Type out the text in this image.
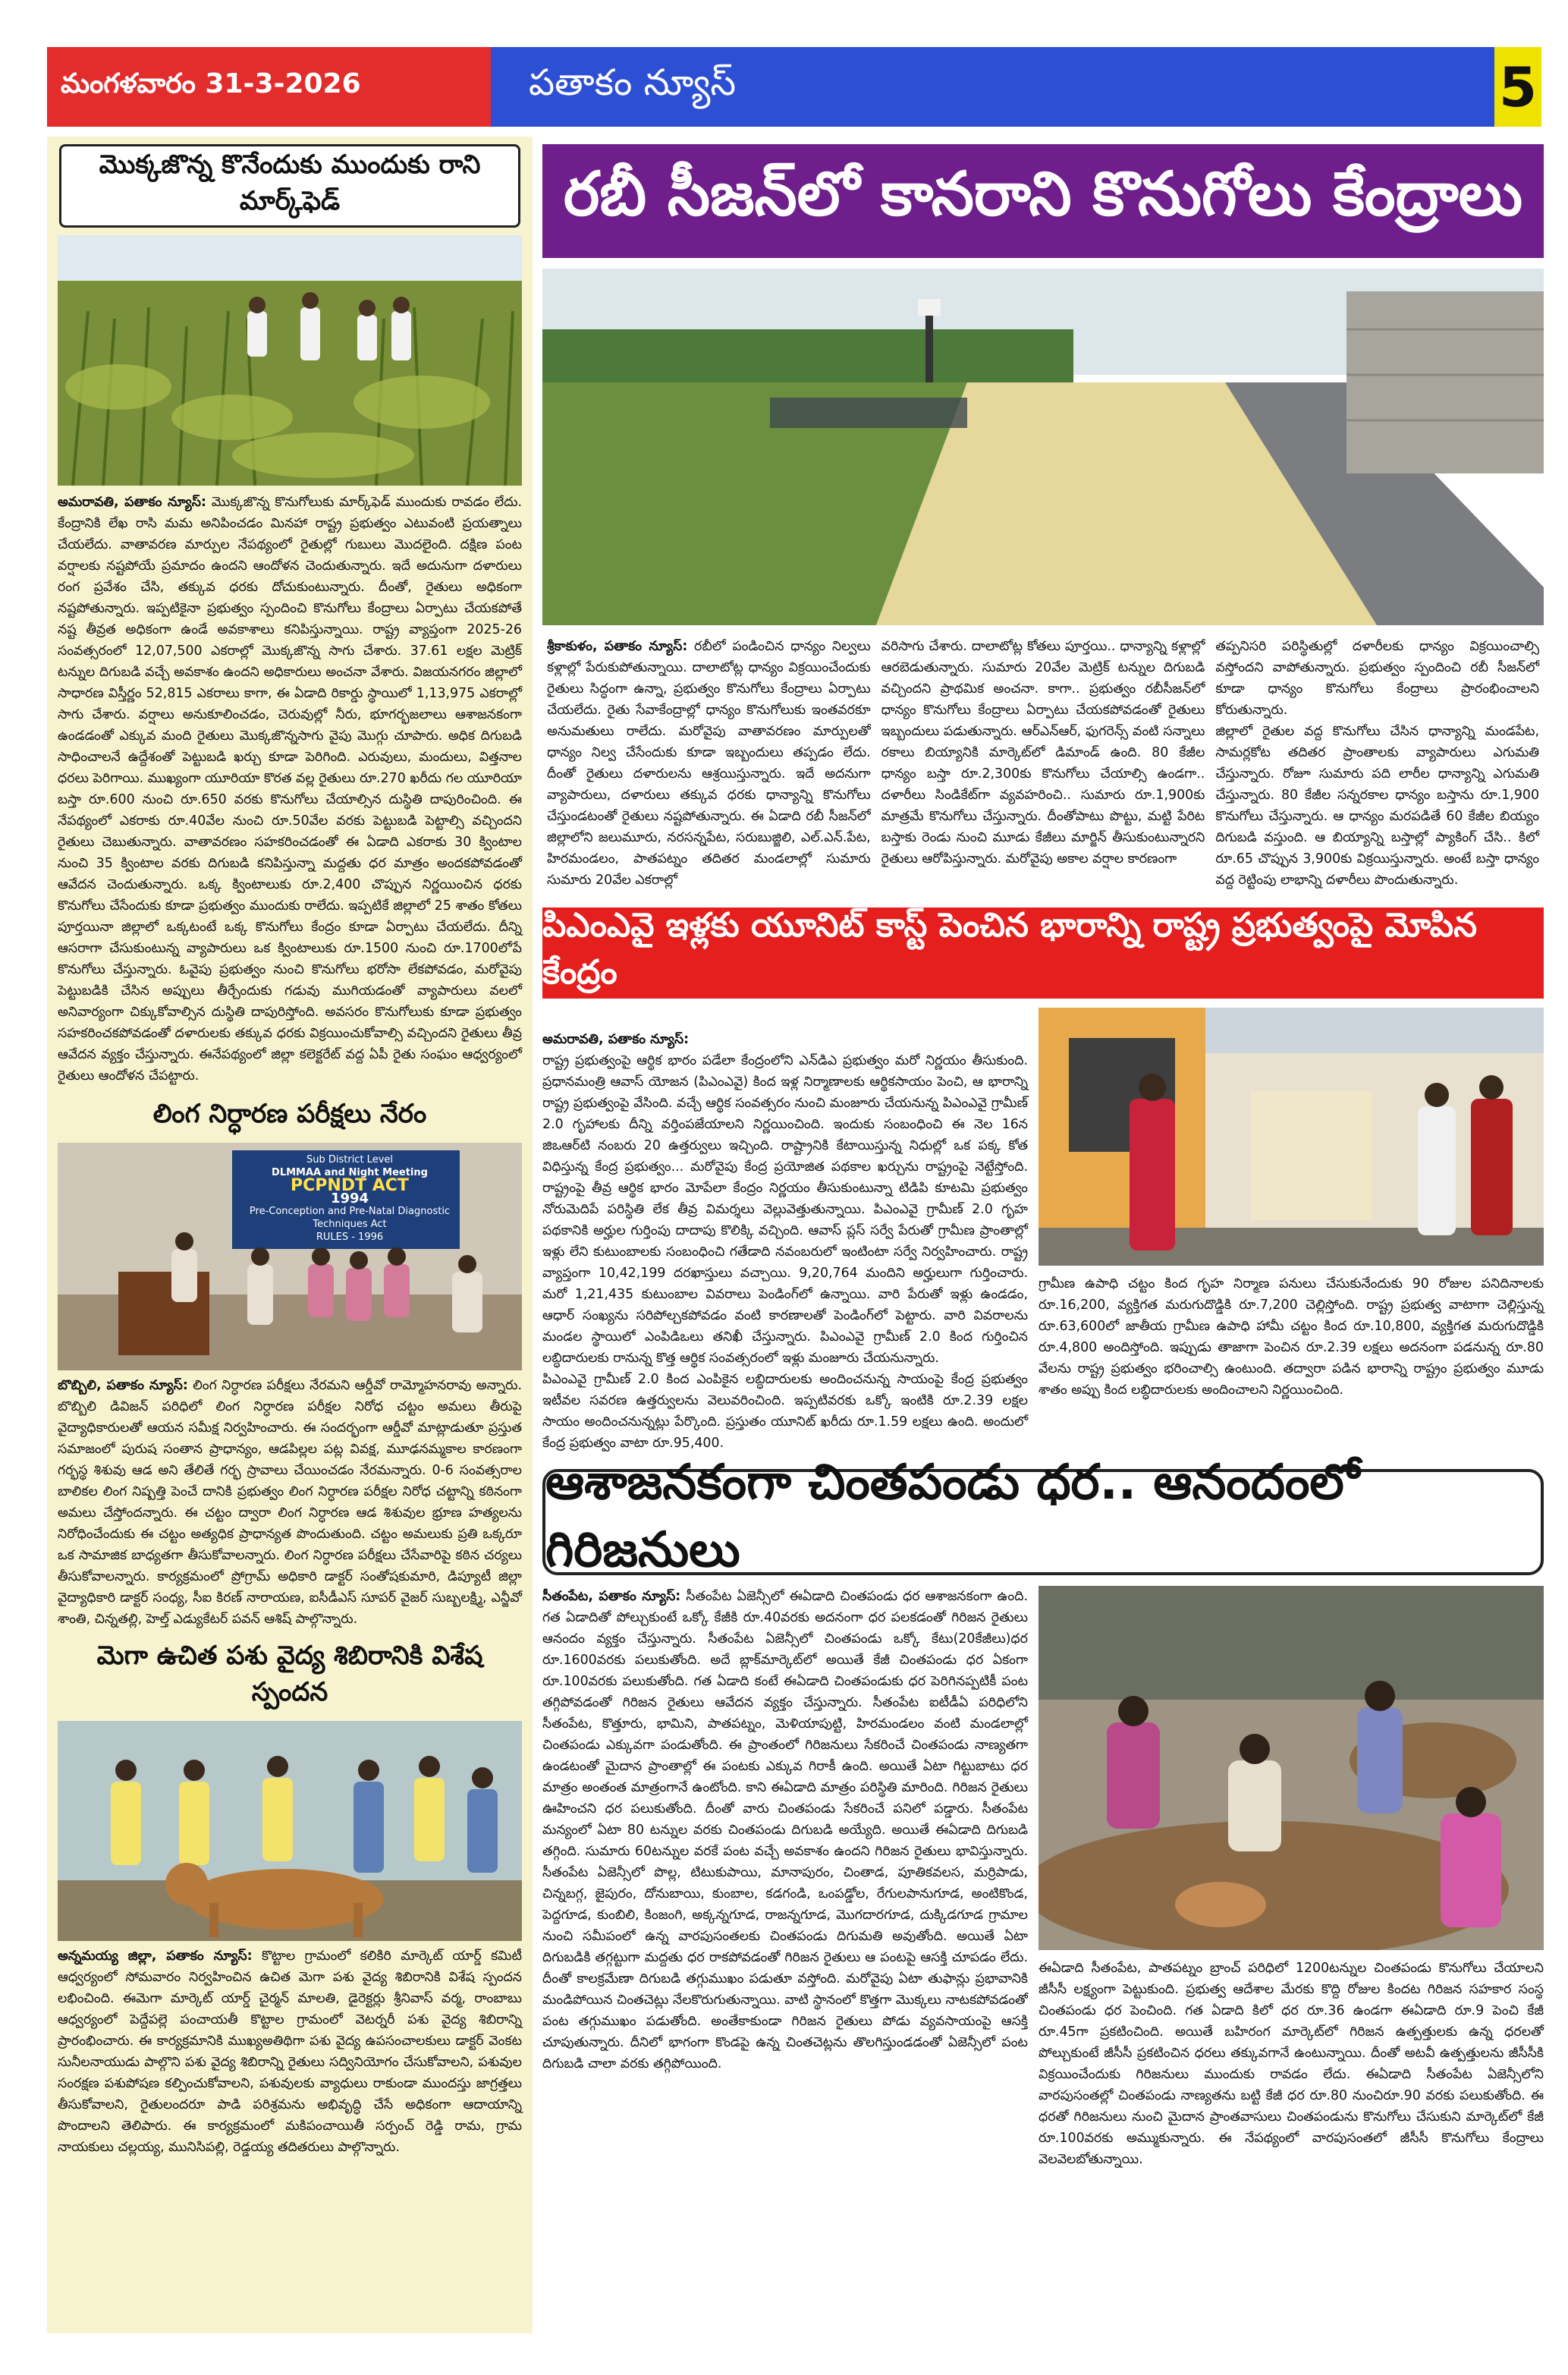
మంగళవారం 31-3-2026	పతాకం న్యూస్	5
మొక్కజొన్న కొనేందుకు ముందుకు రాని మార్క్‌ఫెడ్
అమరావతి, పతాకం న్యూస్: మొక్కజొన్న కొనుగోలుకు మార్క్‌ఫెడ్ ముందుకు రావడం లేదు. కేంద్రానికి లేఖ రాసి మమ అనిపించడం మినహా రాష్ట్ర ప్రభుత్వం ఎటువంటి ప్రయత్నాలు చేయలేదు. వాతావరణ మార్పుల నేపథ్యంలో రైతుల్లో గుబులు మొదలైంది. దక్షిణ పంట వర్షాలకు నష్టపోయే ప్రమాదం ఉందని ఆందోళన చెందుతున్నారు. ఇదే అదునుగా దళారులు రంగ ప్రవేశం చేసి, తక్కువ ధరకు దోచుకుంటున్నారు. దీంతో, రైతులు అధికంగా నష్టపోతున్నారు. ఇప్పటికైనా ప్రభుత్వం స్పందించి కొనుగోలు కేంద్రాలు ఏర్పాటు చేయకపోతే నష్ట తీవ్రత అధికంగా ఉండే అవకాశాలు కనిపిస్తున్నాయి. రాష్ట్ర వ్యాప్తంగా 2025-26 సంవత్సరంలో 12,07,500 ఎకరాల్లో మొక్కజొన్న సాగు చేశారు. 37.61 లక్షల మెట్రిక్ టన్నుల దిగుబడి వచ్చే అవకాశం ఉందని అధికారులు అంచనా వేశారు. విజయనగరం జిల్లాలో సాధారణ విస్తీర్ణం 52,815 ఎకరాలు కాగా, ఈ ఏడాది రికార్డు స్థాయిలో 1,13,975 ఎకరాల్లో సాగు చేశారు. వర్షాలు అనుకూలించడం, చెరువుల్లో నీరు, భూగర్భజలాలు ఆశాజనకంగా ఉండడంతో ఎక్కువ మంది రైతులు మొక్కజొన్నసాగు వైపు మొగ్గు చూపారు. అధిక దిగుబడి సాధించాలనే ఉద్దేశంతో పెట్టుబడి ఖర్చు కూడా పెరిగింది. ఎరువులు, మందులు, విత్తనాల ధరలు పెరిగాయి. ముఖ్యంగా యూరియా కొరత వల్ల రైతులు రూ.270 ఖరీదు గల యూరియా బస్తా రూ.600 నుంచి రూ.650 వరకు కొనుగోలు చేయాల్సిన దుస్థితి దాపురించింది. ఈ నేపథ్యంలో ఎకరాకు రూ.40వేల నుంచి రూ.50వేల వరకు పెట్టుబడి పెట్టాల్సి వచ్చిందని రైతులు చెబుతున్నారు. వాతావరణం సహకరించడంతో ఈ ఏడాది ఎకరాకు 30 క్వింటాల నుంచి 35 క్వింటాల వరకు దిగుబడి కనిపిస్తున్నా మద్దతు ధర మాత్రం అందకపోవడంతో ఆవేదన చెందుతున్నారు. ఒక్క క్వింటాలుకు రూ.2,400 చొప్పున నిర్ణయించిన ధరకు కొనుగోలు చేసేందుకు కూడా ప్రభుత్వం ముందుకు రాలేదు. ఇప్పటికే జిల్లాలో 25 శాతం కోతలు పూర్తయినా జిల్లాలో ఒక్కటంటే ఒక్క కొనుగోలు కేంద్రం కూడా ఏర్పాటు చేయలేదు. దీన్ని ఆసరాగా చేసుకుంటున్న వ్యాపారులు ఒక క్వింటాలుకు రూ.1500 నుంచి రూ.1700లోపే కొనుగోలు చేస్తున్నారు. ఓవైపు ప్రభుత్వం నుంచి కొనుగోలు భరోసా లేకపోవడం, మరోవైపు పెట్టుబడికి చేసిన అప్పులు తీర్చేందుకు గడువు ముగియడంతో వ్యాపారులు వలలో అనివార్యంగా చిక్కుకోవాల్సిన దుస్థితి దాపురిస్తోంది. అవసరం కొనుగోలుకు కూడా ప్రభుత్వం సహకరించకపోవడంతో దళారులకు తక్కువ ధరకు విక్రయించుకోవాల్సి వచ్చిందని రైతులు తీవ్ర ఆవేదన వ్యక్తం చేస్తున్నారు. ఈనేపథ్యంలో జిల్లా కలెక్టరేట్ వద్ద ఏపీ రైతు సంఘం ఆధ్వర్యంలో రైతులు ఆందోళన చేపట్టారు.
లింగ నిర్ధారణ పరీక్షలు నేరం
Sub District Level
DLMMAA and Night Meeting
PCPNDT ACT
1994
Pre-Conception and Pre-Natal Diagnostic Techniques Act
RULES - 1996
బొబ్బిలి, పతాకం న్యూస్: లింగ నిర్ధారణ పరీక్షలు నేరమని ఆర్డీవో రామ్మోహనరావు అన్నారు. బొబ్బిలి డివిజన్ పరిధిలో లింగ నిర్ధారణ పరీక్షల నిరోధ చట్టం అమలు తీరుపై వైద్యాధికారులతో ఆయన సమీక్ష నిర్వహించారు. ఈ సందర్భంగా ఆర్డీవో మాట్లాడుతూ ప్రస్తుత సమాజంలో పురుష సంతాన ప్రాధాన్యం, ఆడపిల్లల పట్ల వివక్ష, మూఢనమ్మకాల కారణంగా గర్భస్థ శిశువు ఆడ అని తేలితే గర్భ స్రావాలు చేయించడం నేరమన్నారు. 0-6 సంవత్సరాల బాలికల లింగ నిష్పత్తి పెంచే దానికి ప్రభుత్వం లింగ నిర్ధారణ పరీక్షల నిరోధ చట్టాన్ని కఠినంగా అమలు చేస్తోందన్నారు. ఈ చట్టం ద్వారా లింగ నిర్ధారణ ఆడ శిశువుల భ్రూణ హత్యలను నిరోధించేందుకు ఈ చట్టం అత్యధిక ప్రాధాన్యత పొందుతుంది. చట్టం అమలుకు ప్రతి ఒక్కరూ ఒక సామాజిక బాధ్యతగా తీసుకోవాలన్నారు. లింగ నిర్ధారణ పరీక్షలు చేసేవారిపై కఠిన చర్యలు తీసుకోవాలన్నారు. కార్యక్రమంలో ప్రోగ్రామ్ అధికారి డాక్టర్ సంతోషకుమారి, డిప్యూటీ జిల్లా వైద్యాధికారి డాక్టర్ సంధ్య, సీఐ కిరణ్ నారాయణ, ఐసీడీఎస్ సూపర్ వైజర్ సుబ్బలక్ష్మి, ఎన్జీవో శాంతి, చిన్నతల్లి, హెల్త్ ఎడ్యుకేటర్ పవన్ ఆశిష్ పాల్గొన్నారు.
మెగా ఉచిత పశు వైద్య శిబిరానికి విశేష స్పందన
అన్నమయ్య జిల్లా, పతాకం న్యూస్: కొట్టాల గ్రామంలో కలికిరి మార్కెట్ యార్డ్ కమిటీ ఆధ్వర్యంలో సోమవారం నిర్వహించిన ఉచిత మెగా పశు వైద్య శిబిరానికి విశేష స్పందన లభించింది. ఈమెగా మార్కెట్ యార్డ్ చైర్మన్ మాలతి, డైరెక్టర్లు శ్రీనివాస్ వర్మ, రాంబాబు ఆధ్వర్యంలో పెద్దేపల్లె పంచాయతీ కొట్టాల గ్రామంలో వెటర్నరీ పశు వైద్య శిబిరాన్ని ప్రారంభించారు. ఈ కార్యక్రమానికి ముఖ్యఅతిథిగా పశు వైద్య ఉపసంచాలకులు డాక్టర్ వెంకట సునీలనాయుడు పాల్గొని పశు వైద్య శిబిరాన్ని రైతులు సద్వినియోగం చేసుకోవాలని, పశువుల సంరక్షణ పశుపోషణ కల్పించుకోవాలని, పశువులకు వ్యాధులు రాకుండా ముందస్తు జాగ్రత్తలు తీసుకోవాలని, రైతులందరూ పాడి పరిశ్రమను అభివృద్ధి చేసే అధికంగా ఆదాయాన్ని పొందాలని తెలిపారు. ఈ కార్యక్రమంలో మకిపంచాయితీ సర్పంచ్ రెడ్డి రామ, గ్రామ నాయకులు చల్లయ్య, మునిసిపల్లి, రెడ్డయ్య తదితరులు పాల్గొన్నారు.
రబీ సీజన్‌లో కానరాని కొనుగోలు కేంద్రాలు
శ్రీకాకుళం, పతాకం న్యూస్: రబీలో పండించిన ధాన్యం నిల్వలు కళ్లాల్లో పేరుకుపోతున్నాయి. దాలాటోట్ల ధాన్యం విక్రయించేందుకు రైతులు సిద్ధంగా ఉన్నా, ప్రభుత్వం కొనుగోలు కేంద్రాలు ఏర్పాటు చేయలేదు. రైతు సేవాకేంద్రాల్లో ధాన్యం కొనుగోలుకు ఇంతవరకూ అనుమతులు రాలేదు. మరోవైపు వాతావరణం మార్పులతో ధాన్యం నిల్వ చేసేందుకు కూడా ఇబ్బందులు తప్పడం లేదు. దీంతో రైతులు దళారులను ఆశ్రయిస్తున్నారు. ఇదే అదనుగా వ్యాపారులు, దళారులు తక్కువ ధరకు ధాన్యాన్ని కొనుగోలు చేస్తుండటంతో రైతులు నష్టపోతున్నారు. ఈ ఏడాది రబీ సీజన్‌లో జిల్లాలోని జలుమూరు, నరసన్నపేట, సరుబుజ్జిలి, ఎల్.ఎన్.పేట, హిరమండలం, పాతపట్నం తదితర మండలాల్లో సుమారు సుమారు 20వేల ఎకరాల్లో
వరిసాగు చేశారు. దాలాటోట్ల కోతలు పూర్తయి.. ధాన్యాన్ని కళ్లాల్లో ఆరబెడుతున్నారు. సుమారు 20వేల మెట్రిక్ టన్నుల దిగుబడి వచ్చిందని ప్రాథమిక అంచనా. కాగా.. ప్రభుత్వం రబీసీజన్‌లో ధాన్యం కొనుగోలు కేంద్రాలు ఏర్పాటు చేయకపోవడంతో రైతులు ఇబ్బందులు పడుతున్నారు. ఆర్‌ఎన్‌ఆర్, ఫుగరెన్స్ వంటి సన్నాలు రకాలు బియ్యానికి మార్కెట్‌లో డిమాండ్ ఉంది. 80 కేజీల ధాన్యం బస్తా రూ.2,300కు కొనుగోలు చేయాల్సి ఉండగా.. దళారీలు సిండికేట్‌గా వ్యవహరించి.. సుమారు రూ.1,900కు మాత్రమే కొనుగోలు చేస్తున్నారు. దీంతోపాటు పొట్టు, మట్టి పేరిట బస్తాకు రెండు నుంచి మూడు కేజీలు మార్జిన్ తీసుకుంటున్నారని రైతులు ఆరోపిస్తున్నారు. మరోవైపు అకాల వర్షాల కారణంగా
తప్పనిసరి పరిస్థితుల్లో దళారీలకు ధాన్యం విక్రయించాల్సి వస్తోందని వాపోతున్నారు. ప్రభుత్వం స్పందించి రబీ సీజన్‌లో కూడా ధాన్యం కొనుగోలు కేంద్రాలు ప్రారంభించాలని కోరుతున్నారు.
జిల్లాలో రైతుల వద్ద కొనుగోలు చేసిన ధాన్యాన్ని మండపేట, సామర్లకోట తదితర ప్రాంతాలకు వ్యాపారులు ఎగుమతి చేస్తున్నారు. రోజూ సుమారు పది లారీల ధాన్యాన్ని ఎగుమతి చేస్తున్నారు. 80 కేజీల సన్నరకాల ధాన్యం బస్తాను రూ.1,900 కొనుగోలు చేస్తున్నారు. ఆ ధాన్యం మరపడితే 60 కేజీల బియ్యం దిగుబడి వస్తుంది. ఆ బియ్యాన్ని బస్తాల్లో ప్యాకింగ్ చేసి.. కిలో రూ.65 చొప్పున 3,900కు విక్రయిస్తున్నారు. అంటే బస్తా ధాన్యం వద్ద రెట్టింపు లాభాన్ని దళారీలు పొందుతున్నారు.
పిఎంఎవై ఇళ్లకు యూనిట్ కాస్ట్ పెంచిన భారాన్ని రాష్ట్ర ప్రభుత్వంపై మోపిన కేంద్రం

అమరావతి, పతాకం న్యూస్:
రాష్ట్ర ప్రభుత్వంపై ఆర్థిక భారం పడేలా కేంద్రంలోని ఎన్‌డిఎ ప్రభుత్వం మరో నిర్ణయం తీసుకుంది. ప్రధానమంత్రి ఆవాస్ యోజన (పిఎంఎవై) కింద ఇళ్ల నిర్మాణాలకు ఆర్థికసాయం పెంచి, ఆ భారాన్ని రాష్ట్ర ప్రభుత్వంపై వేసింది. వచ్చే ఆర్థిక సంవత్సరం నుంచి మంజూరు చేయనున్న పిఎంఎవై గ్రామీణ్ 2.0 గృహాలకు దీన్ని వర్తింపజేయాలని నిర్ణయించింది. ఇందుకు సంబంధించి ఈ నెల 16న జిఒఆర్‌టి నంబరు 20 ఉత్తర్వులు ఇచ్చింది. రాష్ట్రానికి కేటాయిస్తున్న నిధుల్లో ఒక పక్క కోత విధిస్తున్న కేంద్ర ప్రభుత్వం... మరోవైపు కేంద్ర ప్రయోజిత పథకాల ఖర్చును రాష్ట్రంపై నెట్టేస్తోంది. రాష్ట్రంపై తీవ్ర ఆర్థిక భారం మోపేలా కేంద్రం నిర్ణయం తీసుకుంటున్నా టిడిపి కూటమి ప్రభుత్వం నోరుమెదిపే పరిస్థితి లేక తీవ్ర విమర్శలు వెల్లువెత్తుతున్నాయి. పిఎంఎవై గ్రామీణ్ 2.0 గృహ పథకానికి అర్హుల గుర్తింపు దాదాపు కొలిక్కి వచ్చింది. ఆవాస్ ప్లస్ సర్వే పేరుతో గ్రామీణ ప్రాంతాల్లో ఇళ్లు లేని కుటుంబాలకు సంబంధించి గతేడాది నవంబరులో ఇంటింటా సర్వే నిర్వహించారు. రాష్ట్ర వ్యాప్తంగా 10,42,199 దరఖాస్తులు వచ్చాయి. 9,20,764 మందిని అర్హులుగా గుర్తించారు. మరో 1,21,435 కుటుంబాల వివరాలు పెండింగ్‌లో ఉన్నాయి. వారి పేరుతో ఇళ్లు ఉండడం, ఆధార్ సంఖ్యను సరిపోల్చకపోవడం వంటి కారణాలతో పెండింగ్‌లో పెట్టారు. వారి వివరాలను మండల స్థాయిలో ఎంపిడిఒలు తనిఖీ చేస్తున్నారు. పిఎంఎవై గ్రామీణ్ 2.0 కింద గుర్తించిన లబ్ధిదారులకు రానున్న కొత్త ఆర్థిక సంవత్సరంలో ఇళ్లు మంజూరు చేయనున్నారు.
పిఎంఎవై గ్రామీణ్ 2.0 కింద ఎంపికైన లబ్ధిదారులకు అందించనున్న సాయంపై కేంద్ర ప్రభుత్వం ఇటీవల సవరణ ఉత్తర్వులను వెలువరించింది. ఇప్పటివరకు ఒక్కో ఇంటికి రూ.2.39 లక్షల సాయం అందించనున్నట్లు పేర్కొంది. ప్రస్తుతం యూనిట్ ఖరీదు రూ.1.59 లక్షలు ఉంది. అందులో కేంద్ర ప్రభుత్వం వాటా రూ.95,400.

గ్రామీణ ఉపాధి చట్టం కింద గృహ నిర్మాణ పనులు చేసుకునేందుకు 90 రోజుల పనిదినాలకు రూ.16,200, వ్యక్తిగత మరుగుదొడ్డికి రూ.7,200 చెల్లిస్తోంది. రాష్ట్ర ప్రభుత్వ వాటాగా చెల్లిస్తున్న రూ.63,600లో జాతీయ గ్రామీణ ఉపాధి హామీ చట్టం కింద రూ.10,800, వ్యక్తిగత మరుగుదొడ్డికి రూ.4,800 అందిస్తోంది. ఇప్పుడు తాజాగా పెంచిన రూ.2.39 లక్షలు అదనంగా పడనున్న రూ.80 వేలను రాష్ట్ర ప్రభుత్వం భరించాల్సి ఉంటుంది. తద్వారా పడిన భారాన్ని రాష్ట్రం ప్రభుత్వం మూడు శాతం అప్పు కింద లబ్ధిదారులకు అందించాలని నిర్ణయించింది.
ఆశాజనకంగా చింతపండు ధర.. ఆనందంలో గిరిజనులు
సీతంపేట, పతాకం న్యూస్: సీతంపేట ఏజెన్సీలో ఈఏడాది చింతపండు ధర ఆశాజనకంగా ఉంది. గత ఏడాదితో పోల్చుకుంటే ఒక్కో కేజీకి రూ.40వరకు అదనంగా ధర పలకడంతో గిరిజన రైతులు ఆనందం వ్యక్తం చేస్తున్నారు. సీతంపేట ఏజెన్సీలో చింతపండు ఒక్కో కేటు(20కేజీలు)ధర రూ.1600వరకు పలుకుతోంది. అదే బ్లాక్‌మార్కెట్‌లో అయితే కేజీ చింతపండు ధర ఏకంగా రూ.100వరకు పలుకుతోంది. గత ఏడాది కంటే ఈఏడాది చింతపండుకు ధర పెరిగినప్పటికీ పంట తగ్గిపోవడంతో గిరిజన రైతులు ఆవేదన వ్యక్తం చేస్తున్నారు. సీతంపేట ఐటీడీఏ పరిధిలోని సీతంపేట, కొత్తూరు, భామిని, పాతపట్నం, మెళియాపుట్టి, హిరమండలం వంటి మండలాల్లో చింతపండు ఎక్కువగా పండుతోంది. ఈ ప్రాంతంలో గిరిజనులు సేకరించే చింతపండు నాణ్యతగా ఉండటంతో మైదాన ప్రాంతాల్లో ఈ పంటకు ఎక్కువ గిరాకీ ఉంది. అయితే ఏటా గిట్టుబాటు ధర మాత్రం అంతంత మాత్రంగానే ఉంటోంది. కాని ఈఏడాది మాత్రం పరిస్థితి మారింది. గిరిజన రైతులు ఊహించని ధర పలుకుతోంది. దీంతో వారు చింతపండు సేకరించే పనిలో పడ్డారు. సీతంపేట మన్యంలో ఏటా 80 టన్నుల వరకు చింతపండు దిగుబడి అయ్యేది. అయితే ఈఏడాది దిగుబడి తగ్గింది. సుమారు 60టన్నుల వరకే పంట వచ్చే అవకాశం ఉందని గిరిజన రైతులు భావిస్తున్నారు. సీతంపేట ఏజెన్సీలో పొల్ల, టిటుకుపాయి, మానాపురం, చింతాడ, పూతికవలస, మర్రిపాడు, చిన్నబగ్గ, జైపురం, దోనుబాయి, కుంబాల, కడగండి, ఒంపడ్డోల, రేగులపానుగూడ, అంటికొండ, పెద్దగూడ, కుంబిలి, కింజంగి, అక్కన్నగూడ, రాజన్నగూడ, మొగదారగూడ, దుక్కిడగూడ గ్రామాల నుంచి సమీపంలో ఉన్న వారపుసంతలకు చింతపండు దిగుమతి అవుతోంది. అయితే ఏటా దిగుబడికి తగ్గట్టుగా మద్దతు ధర రాకపోవడంతో గిరిజన రైతులు ఆ పంటపై ఆసక్తి చూపడం లేదు. దీంతో కాలక్రమేణా దిగుబడి తగ్గుముఖం పడుతూ వస్తోంది. మరోవైపు ఏటా తుఫాన్లు ప్రభావానికి మండిపోయిన చింతచెట్లు నేలకొరుగుతున్నాయి. వాటి స్థానంలో కొత్తగా మొక్కలు నాటకపోవడంతో పంట తగ్గుముఖం పడుతోంది. అంతేకాకుండా గిరిజన రైతులు పోడు వ్యవసాయంపై ఆసక్తి చూపుతున్నారు. దీనిలో భాగంగా కొండపై ఉన్న చింతచెట్లను తొలగిస్తుండడంతో ఏజెన్సీలో పంట దిగుబడి చాలా వరకు తగ్గిపోయింది.
ఈఏడాది సీతంపేట, పాతపట్నం బ్రాంచ్ పరిధిలో 1200టన్నుల చింతపండు కొనుగోలు చేయాలని జీసీసీ లక్ష్యంగా పెట్టుకుంది. ప్రభుత్వ ఆదేశాల మేరకు కొద్ది రోజుల కిందట గిరిజన సహకార సంస్థ చింతపండు ధర పెంచింది. గత ఏడాది కిలో ధర రూ.36 ఉండగా ఈఏడాది రూ.9 పెంచి కేజీ రూ.45గా ప్రకటించింది. అయితే బహిరంగ మార్కెట్‌లో గిరిజన ఉత్పత్తులకు ఉన్న ధరలతో పోల్చుకుంటే జీసీసీ ప్రకటించిన ధరలు తక్కువగానే ఉంటున్నాయి. దీంతో అటవీ ఉత్పత్తులను జీసీసీకి విక్రయించేందుకు గిరిజనులు ముందుకు రావడం లేదు. ఈఏడాది సీతంపేట ఏజెన్సీలోని వారపుసంతల్లో చింతపండు నాణ్యతను బట్టి కేజీ ధర రూ.80 నుంచిరూ.90 వరకు పలుకుతోంది. ఈ ధరతో గిరిజనులు నుంచి మైదాన ప్రాంతవాసులు చింతపండును కొనుగోలు చేసుకుని మార్కెట్‌లో కేజీ రూ.100వరకు అమ్ముకున్నారు. ఈ నేపథ్యంలో వారపుసంతలో జీసీసీ కొనుగోలు కేంద్రాలు వెలవెలబోతున్నాయి.
